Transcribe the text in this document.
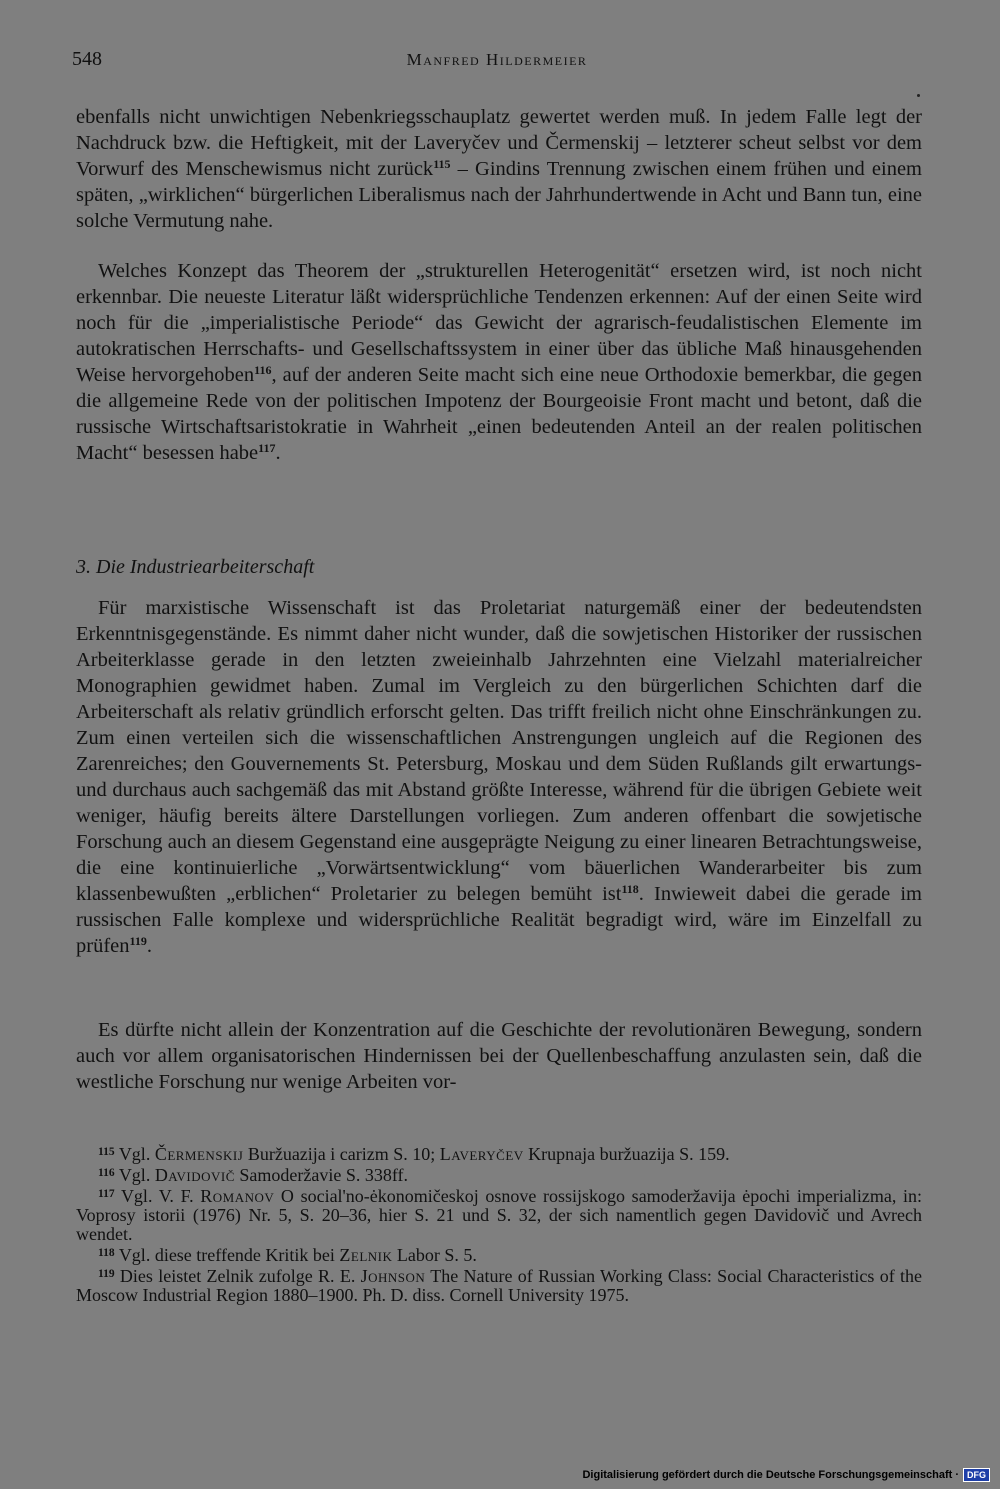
548	Manfred Hildermeier

ebenfalls nicht unwichtigen Nebenkriegsschauplatz gewertet werden muß. In jedem Falle legt der Nachdruck bzw. die Heftigkeit, mit der Laveryčev und Čermenskij – letzterer scheut selbst vor dem Vorwurf des Menschewismus nicht zurück$^{115}$ – Gindins Trennung zwischen einem frühen und einem späten, „wirklichen“ bürgerlichen Liberalismus nach der Jahrhundertwende in Acht und Bann tun, eine solche Vermutung nahe.

Welches Konzept das Theorem der „strukturellen Heterogenität“ ersetzen wird, ist noch nicht erkennbar. Die neueste Literatur läßt widersprüchliche Tendenzen erkennen: Auf der einen Seite wird noch für die „imperialistische Periode“ das Gewicht der agrarisch-feudalistischen Elemente im autokratischen Herrschafts- und Gesellschaftssystem in einer über das übliche Maß hinausgehenden Weise hervorgehoben$^{116}$, auf der anderen Seite macht sich eine neue Orthodoxie bemerkbar, die gegen die allgemeine Rede von der politischen Impotenz der Bourgeoisie Front macht und betont, daß die russische Wirtschaftsaristokratie in Wahrheit „einen bedeutenden Anteil an der realen politischen Macht“ besessen habe$^{117}$.

3. Die Industriearbeiterschaft

Für marxistische Wissenschaft ist das Proletariat naturgemäß einer der bedeutendsten Erkenntnisgegenstände. Es nimmt daher nicht wunder, daß die sowjetischen Historiker der russischen Arbeiterklasse gerade in den letzten zweieinhalb Jahrzehnten eine Vielzahl materialreicher Monographien gewidmet haben. Zumal im Vergleich zu den bürgerlichen Schichten darf die Arbeiterschaft als relativ gründlich erforscht gelten. Das trifft freilich nicht ohne Einschränkungen zu. Zum einen verteilen sich die wissenschaftlichen Anstrengungen ungleich auf die Regionen des Zarenreiches; den Gouvernements St. Petersburg, Moskau und dem Süden Rußlands gilt erwartungs- und durchaus auch sachgemäß das mit Abstand größte Interesse, während für die übrigen Gebiete weit weniger, häufig bereits ältere Darstellungen vorliegen. Zum anderen offenbart die sowjetische Forschung auch an diesem Gegenstand eine ausgeprägte Neigung zu einer linearen Betrachtungsweise, die eine kontinuierliche „Vorwärtsentwicklung“ vom bäuerlichen Wanderarbeiter bis zum klassenbewußten „erblichen“ Proletarier zu belegen bemüht ist$^{118}$. Inwieweit dabei die gerade im russischen Falle komplexe und widersprüchliche Realität begradigt wird, wäre im Einzelfall zu prüfen$^{119}$.

Es dürfte nicht allein der Konzentration auf die Geschichte der revolutionären Bewegung, sondern auch vor allem organisatorischen Hindernissen bei der Quellenbeschaffung anzulasten sein, daß die westliche Forschung nur wenige Arbeiten vor-

$^{115}$ Vgl. Čermenskij Buržuazija i carizm S. 10; Laveryčev Krupnaja buržuazija S. 159.

$^{116}$ Vgl. Davidovič Samoderžavie S. 338ff.

$^{117}$ Vgl. V. F. Romanov O social'no-ėkonomičeskoj osnove rossijskogo samoderžavija ėpochi imperializma, in: Voprosy istorii (1976) Nr. 5, S. 20–36, hier S. 21 und S. 32, der sich namentlich gegen Davidovič und Avrech wendet.

$^{118}$ Vgl. diese treffende Kritik bei Zelnik Labor S. 5.

$^{119}$ Dies leistet Zelnik zufolge R. E. Johnson The Nature of Russian Working Class: Social Characteristics of the Moscow Industrial Region 1880–1900. Ph. D. diss. Cornell University 1975.

Digitalisierung gefördert durch die Deutsche Forschungsgemeinschaft · DFG
